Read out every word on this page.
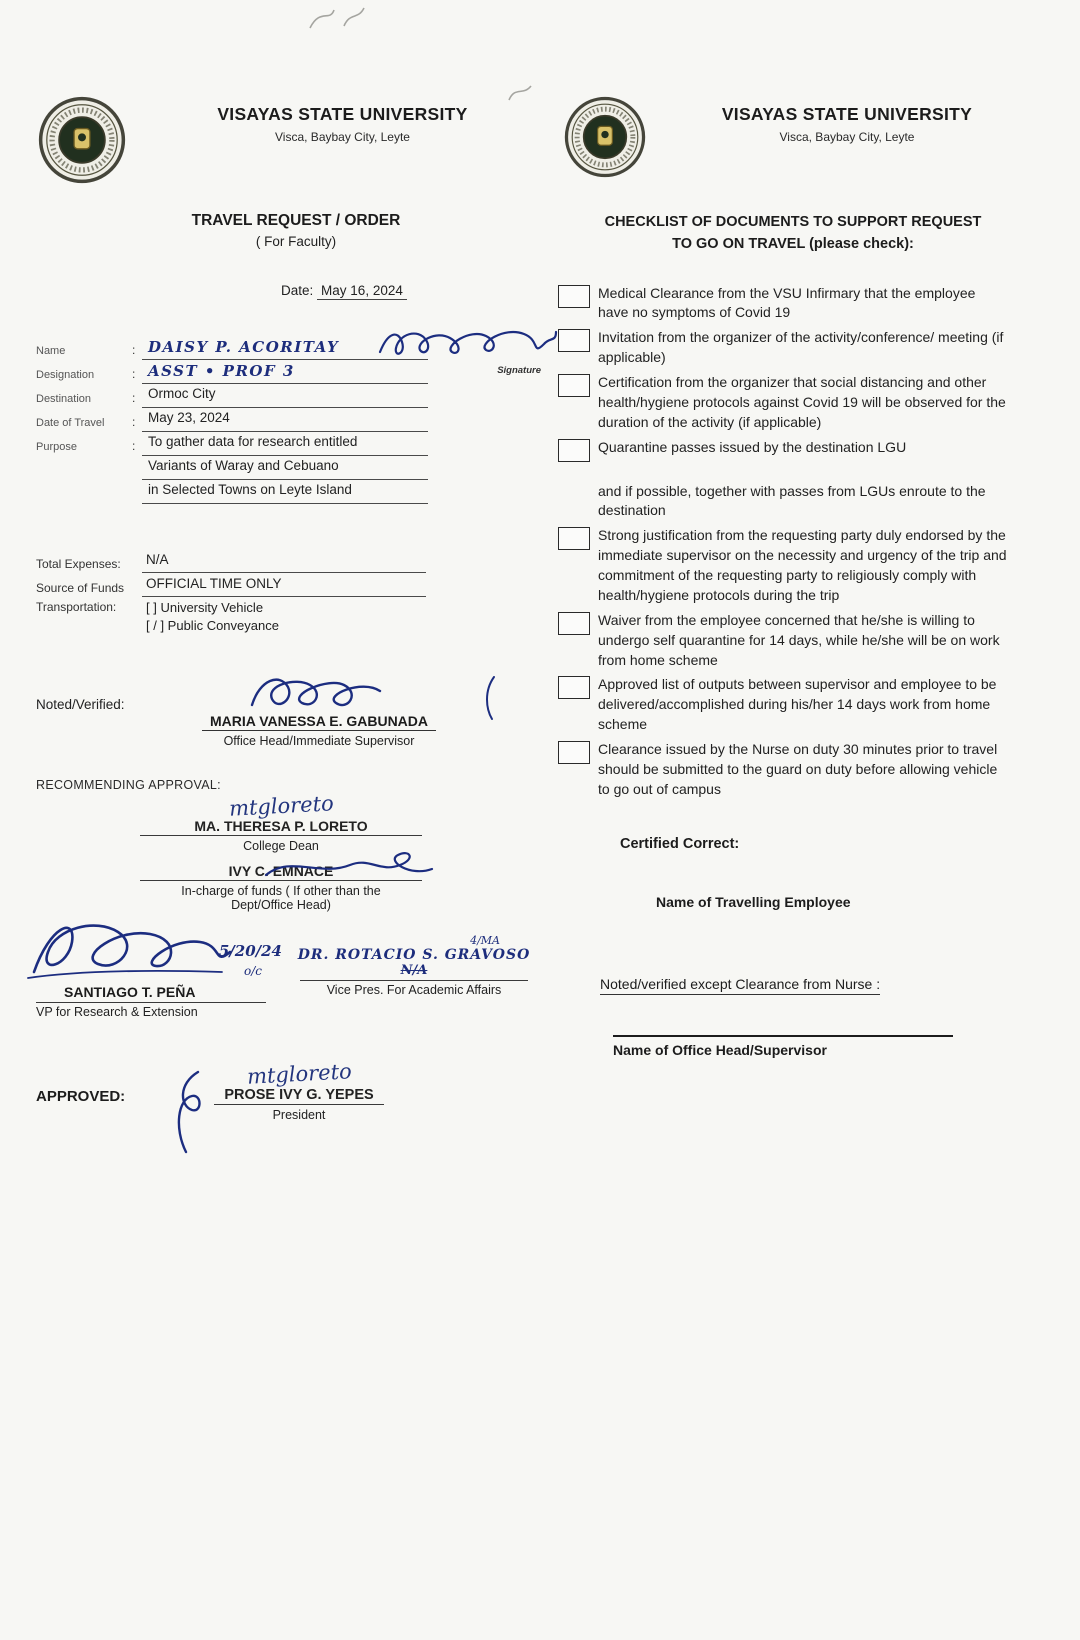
VISAYAS STATE UNIVERSITY
Visca, Baybay City, Leyte
TRAVEL REQUEST / ORDER
( For Faculty)
Date: May 16, 2024
Name	: DAISY P. ACORITAY
Signature
Designation	: ASST • PROF 3
Destination	: Ormoc City
Date of Travel	: May 23, 2024
Purpose	: To gather data for research entitled
Variants of Waray and Cebuano
in Selected Towns on Leyte Island
Total Expenses:	N/A
Source of Funds	OFFICIAL TIME ONLY
Transportation:	[ ] University Vehicle
[ / ] Public Conveyance
Noted/Verified:
MARIA VANESSA E. GABUNADA
Office Head/Immediate Supervisor
RECOMMENDING APPROVAL:
mtgloreto
MA. THERESA P. LORETO
College Dean
IVY C. EMNACE
In-charge of funds ( If other than the
Dept/Office Head)
5/20/24
o/c
SANTIAGO T. PEÑA
VP for Research & Extension
4/MA
DR. ROTACIO S. GRAVOSO
N/A
Vice Pres. For Academic Affairs
APPROVED:
mtgloreto PROSE IVY G. YEPES
President
VISAYAS STATE UNIVERSITY
Visca, Baybay City, Leyte
CHECKLIST OF DOCUMENTS TO SUPPORT REQUEST
TO GO ON TRAVEL (please check):
Medical Clearance from the VSU Infirmary that the employee have no symptoms of Covid 19
Invitation from the organizer of the activity/conference/ meeting (if applicable)
Certification from the organizer that social distancing and other health/hygiene protocols against Covid 19 will be observed for the duration of the activity (if applicable)
Quarantine passes issued by the destination LGU
and if possible, together with passes from LGUs enroute to the destination
Strong justification from the requesting party duly endorsed by the immediate supervisor on the necessity and urgency of the trip and commitment of the requesting party to religiously comply with health/hygiene protocols during the trip
Waiver from the employee concerned that he/she is willing to undergo self quarantine for 14 days, while he/she will be on work from home scheme
Approved list of outputs between supervisor and employee to be delivered/accomplished during his/her 14 days work from home scheme
Clearance issued by the Nurse on duty 30 minutes prior to travel should be submitted to the guard on duty before allowing vehicle to go out of campus
Certified Correct:
Name of Travelling Employee
Noted/verified except Clearance from Nurse :
Name of Office Head/Supervisor
